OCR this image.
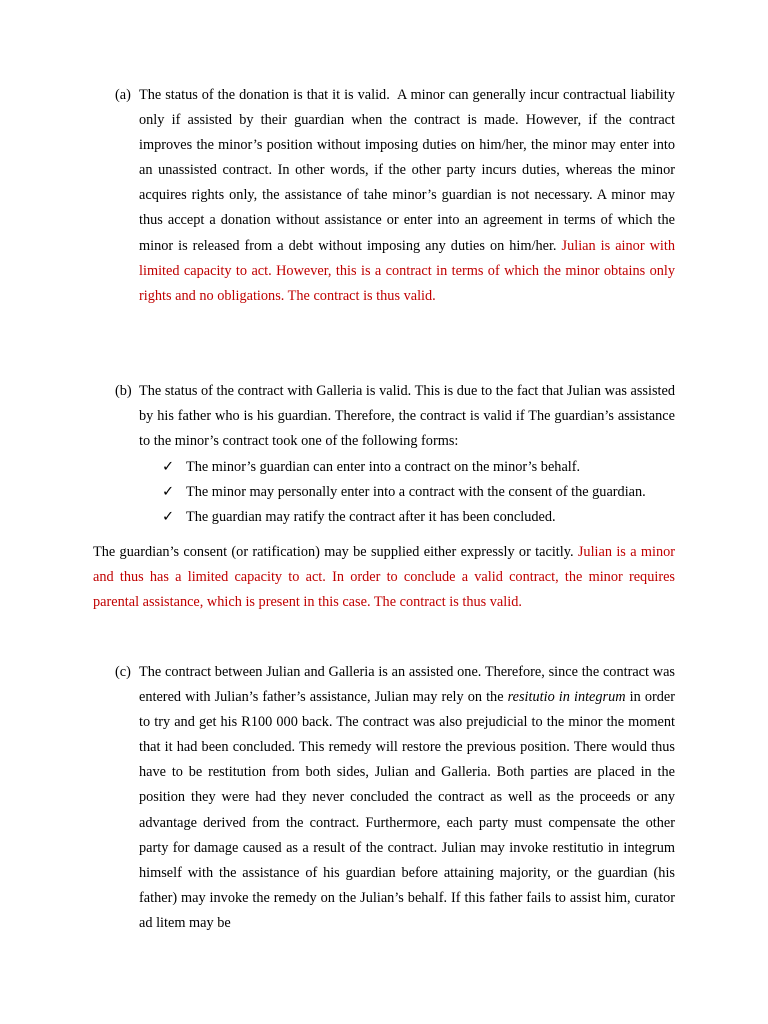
(a) The status of the donation is that it is valid.  A minor can generally incur contractual liability only if assisted by their guardian when the contract is made. However, if the contract improves the minor’s position without imposing duties on him/her, the minor may enter into an unassisted contract. In other words, if the other party incurs duties, whereas the minor acquires rights only, the assistance of tahe minor’s guardian is not necessary. A minor may thus accept a donation without assistance or enter into an agreement in terms of which the minor is released from a debt without imposing any duties on him/her. Julian is ainor with limited capacity to act. However, this is a contract in terms of which the minor obtains only rights and no obligations. The contract is thus valid.
(b) The status of the contract with Galleria is valid. This is due to the fact that Julian was assisted by his father who is his guardian. Therefore, the contract is valid if The guardian’s assistance to the minor’s contract took one of the following forms:
✓ The minor’s guardian can enter into a contract on the minor’s behalf.
✓ The minor may personally enter into a contract with the consent of the guardian.
✓ The guardian may ratify the contract after it has been concluded.

The guardian’s consent (or ratification) may be supplied either expressly or tacitly. Julian is a minor and thus has a limited capacity to act. In order to conclude a valid contract, the minor requires parental assistance, which is present in this case. The contract is thus valid.

(c) The contract between Julian and Galleria is an assisted one. Therefore, since the contract was entered with Julian’s father’s assistance, Julian may rely on the resitutio in integrum in order to try and get his R100 000 back. The contract was also prejudicial to the minor the moment that it had been concluded. This remedy will restore the previous position. There would thus have to be restitution from both sides, Julian and Galleria. Both parties are placed in the position they were had they never concluded the contract as well as the proceeds or any advantage derived from the contract. Furthermore, each party must compensate the other party for damage caused as a result of the contract. Julian may invoke restitutio in integrum himself with the assistance of his guardian before attaining majority, or the guardian (his father) may invoke the remedy on the Julian’s behalf. If this father fails to assist him, curator ad litem may be
